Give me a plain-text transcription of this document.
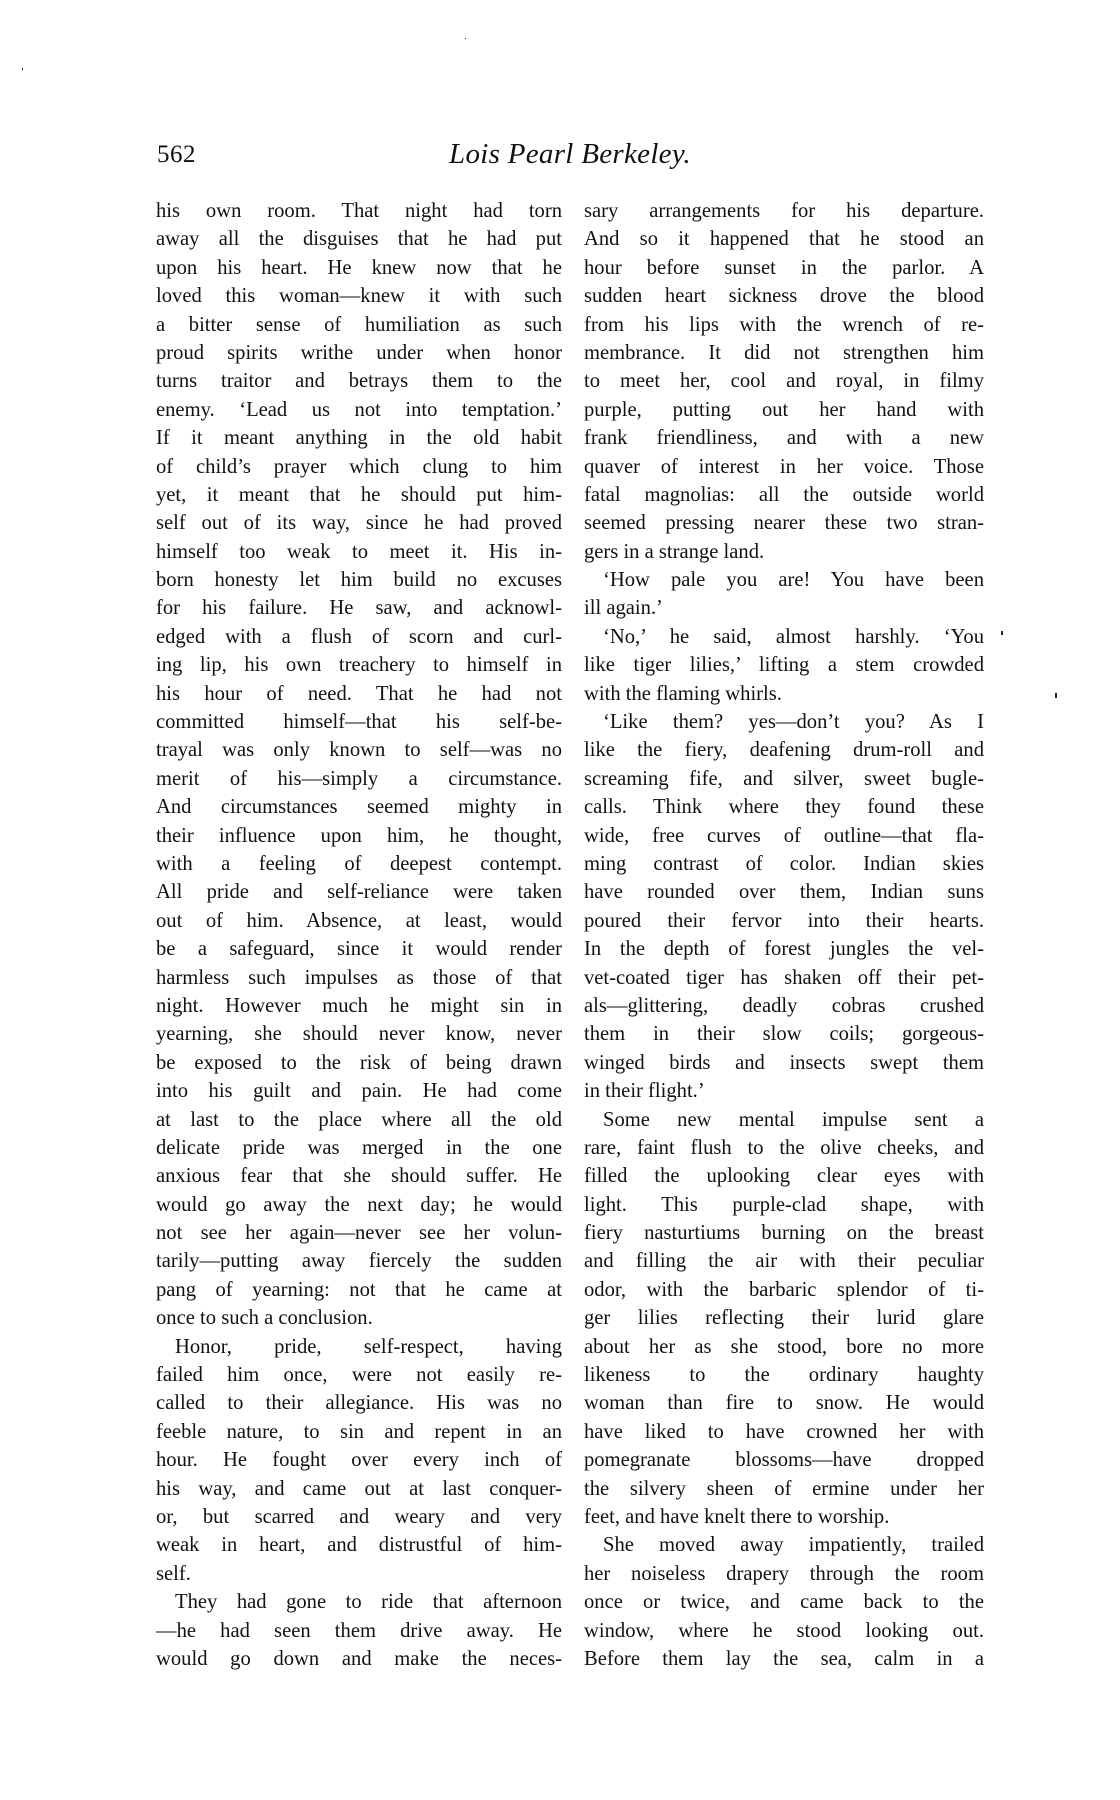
562	Lois Pearl Berkeley.
his own room. That night had torn
away all the disguises that he had put
upon his heart. He knew now that he
loved this woman—knew it with such
a bitter sense of humiliation as such
proud spirits writhe under when honor
turns traitor and betrays them to the
enemy. ‘Lead us not into temptation.’
If it meant anything in the old habit
of child’s prayer which clung to him
yet, it meant that he should put him-
self out of its way, since he had proved
himself too weak to meet it. His in-
born honesty let him build no excuses
for his failure. He saw, and acknowl-
edged with a flush of scorn and curl-
ing lip, his own treachery to himself in
his hour of need. That he had not
committed himself—that his self-be-
trayal was only known to self—was no
merit of his—simply a circumstance.
And circumstances seemed mighty in
their influence upon him, he thought,
with a feeling of deepest contempt.
All pride and self-reliance were taken
out of him. Absence, at least, would
be a safeguard, since it would render
harmless such impulses as those of that
night. However much he might sin in
yearning, she should never know, never
be exposed to the risk of being drawn
into his guilt and pain. He had come
at last to the place where all the old
delicate pride was merged in the one
anxious fear that she should suffer. He
would go away the next day; he would
not see her again—never see her volun-
tarily—putting away fiercely the sudden
pang of yearning: not that he came at
once to such a conclusion.
Honor, pride, self-respect, having
failed him once, were not easily re-
called to their allegiance. His was no
feeble nature, to sin and repent in an
hour. He fought over every inch of
his way, and came out at last conquer-
or, but scarred and weary and very
weak in heart, and distrustful of him-
self.
They had gone to ride that afternoon
—he had seen them drive away. He
would go down and make the neces-
sary arrangements for his departure.
And so it happened that he stood an
hour before sunset in the parlor. A
sudden heart sickness drove the blood
from his lips with the wrench of re-
membrance. It did not strengthen him
to meet her, cool and royal, in filmy
purple, putting out her hand with
frank friendliness, and with a new
quaver of interest in her voice. Those
fatal magnolias: all the outside world
seemed pressing nearer these two stran-
gers in a strange land.
‘How pale you are! You have been
ill again.’
‘No,’ he said, almost harshly. ‘You
like tiger lilies,’ lifting a stem crowded
with the flaming whirls.
‘Like them? yes—don’t you? As I
like the fiery, deafening drum-roll and
screaming fife, and silver, sweet bugle-
calls. Think where they found these
wide, free curves of outline—that fla-
ming contrast of color. Indian skies
have rounded over them, Indian suns
poured their fervor into their hearts.
In the depth of forest jungles the vel-
vet-coated tiger has shaken off their pet-
als—glittering, deadly cobras crushed
them in their slow coils; gorgeous-
winged birds and insects swept them
in their flight.’
Some new mental impulse sent a
rare, faint flush to the olive cheeks, and
filled the uplooking clear eyes with
light. This purple-clad shape, with
fiery nasturtiums burning on the breast
and filling the air with their peculiar
odor, with the barbaric splendor of ti-
ger lilies reflecting their lurid glare
about her as she stood, bore no more
likeness to the ordinary haughty
woman than fire to snow. He would
have liked to have crowned her with
pomegranate blossoms—have dropped
the silvery sheen of ermine under her
feet, and have knelt there to worship.
She moved away impatiently, trailed
her noiseless drapery through the room
once or twice, and came back to the
window, where he stood looking out.
Before them lay the sea, calm in a
